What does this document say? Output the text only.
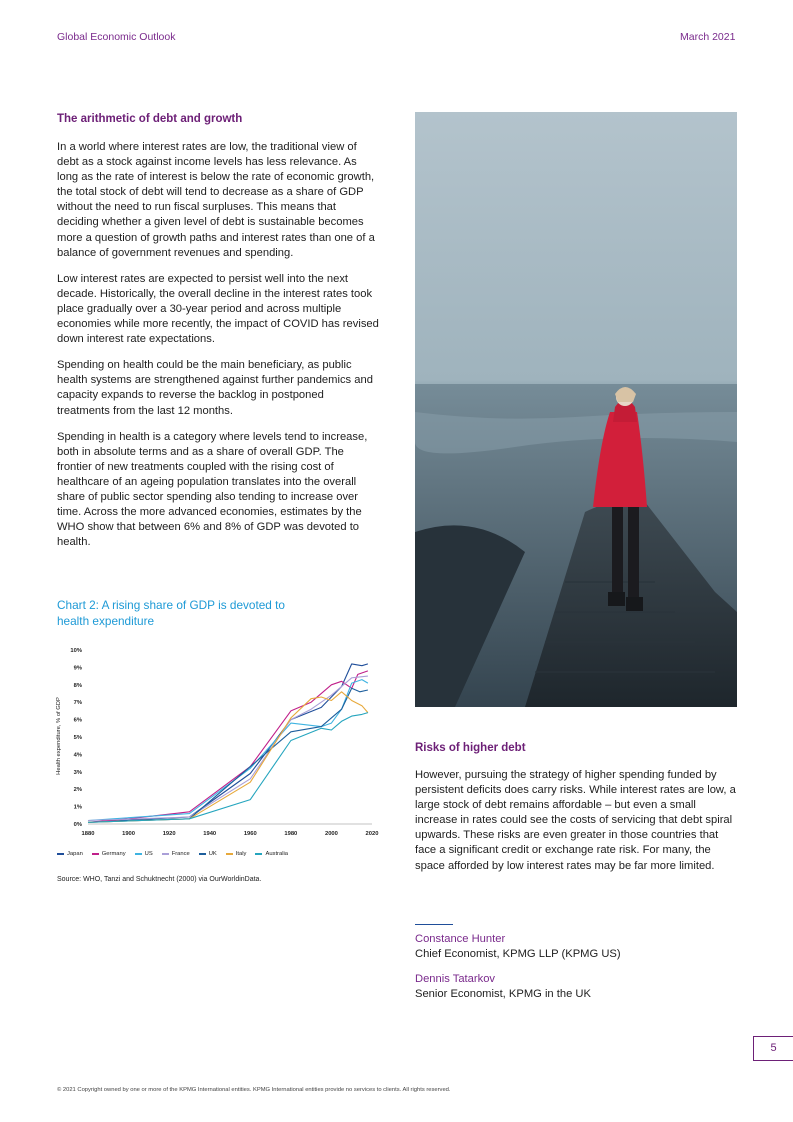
Global Economic Outlook	March 2021
The arithmetic of debt and growth

In a world where interest rates are low, the traditional view of debt as a stock against income levels has less relevance. As long as the rate of interest is below the rate of economic growth, the total stock of debt will tend to decrease as a share of GDP without the need to run fiscal surpluses. This means that deciding whether a given level of debt is sustainable becomes more a question of growth paths and interest rates than one of a balance of government revenues and spending.

Low interest rates are expected to persist well into the next decade. Historically, the overall decline in the interest rates took place gradually over a 30-year period and across multiple economies while more recently, the impact of COVID has revised down interest rate expectations.

Spending on health could be the main beneficiary, as public health systems are strengthened against further pandemics and capacity expands to reverse the backlog in postponed treatments from the last 12 months.

Spending in health is a category where levels tend to increase, both in absolute terms and as a share of overall GDP. The frontier of new treatments coupled with the rising cost of healthcare of an ageing population translates into the overall share of public sector spending also tending to increase over time. Across the more advanced economies, estimates by the WHO show that between 6% and 8% of GDP was devoted to health.

Chart 2: A rising share of GDP is devoted to
health expenditure
Health expenditure, % of GDP
0%
1%
2%
3%
4%
5%
6%
7%
8%
9%
10%
1880	1900	1920	1940	1960	1980	2000	2020
Japan	Germany	US	France	UK	Italy	Australia
Source: WHO, Tanzi and Schuktnecht (2000) via OurWorldinData.
Risks of higher debt

However, pursuing the strategy of higher spending funded by persistent deficits does carry risks. While interest rates are low, a large stock of debt remains affordable – but even a small increase in rates could see the costs of servicing that debt spiral upwards. These risks are even greater in those countries that face a significant credit or exchange rate risk. For many, the space afforded by low interest rates may be far more limited.

Constance Hunter
Chief Economist, KPMG LLP (KPMG US)
Dennis Tatarkov
Senior Economist, KPMG in the UK
5
© 2021 Copyright owned by one or more of the KPMG International entities. KPMG International entities provide no services to clients. All rights reserved.
